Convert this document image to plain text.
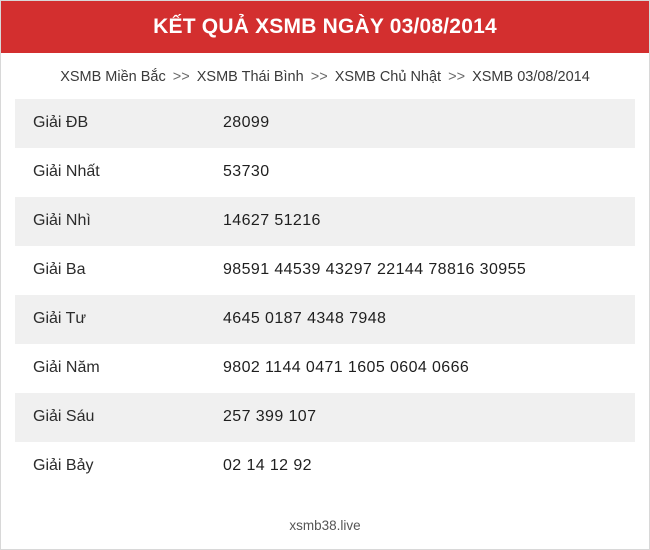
KẾT QUẢ XSMB NGÀY 03/08/2014
XSMB Miền Bắc >> XSMB Thái Bình >> XSMB Chủ Nhật >> XSMB 03/08/2014
Giải ĐB	28099
Giải Nhất	53730
Giải Nhì	14627 51216
Giải Ba	98591 44539 43297 22144 78816 30955
Giải Tư	4645 0187 4348 7948
Giải Năm	9802 1144 0471 1605 0604 0666
Giải Sáu	257 399 107
Giải Bảy	02 14 12 92
xsmb38.live
